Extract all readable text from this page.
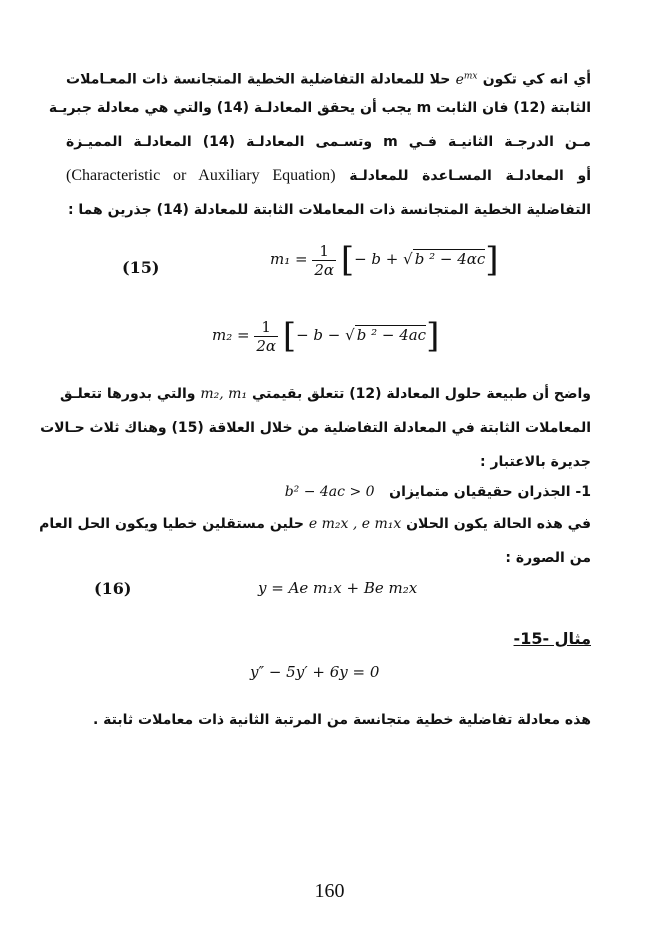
أي انه كي تكون $e^{mx}$ حلا للمعادلة التفاضلية الخطية المتجانسة ذات المعـاملات
الثابتة (12) فان الثابت m يجب أن يحقق المعادلـة (14) والتي هي معادلة جبريـة
مـن الدرجـة الثانيـة فـي m وتسـمى المعادلـة (14) المعادلـة المميـزة
أو المعادلـة المسـاعدة للمعادلـة (Characteristic or Auxiliary Equation)
التفاضلية الخطية المتجانسة ذات المعاملات الثابتة للمعادلة (14) جذرين هما :
(15)	$m_1 = \frac{1}{2\alpha}$ [− b + √ b ² − 4αc]
$m_2 = \frac{1}{2\alpha}$ [− b − √ b ² − 4ac]
واضح أن طبيعة حلول المعادلة (12) تتعلق بقيمتي m₂, m₁ والتي بدورها تتعلـق
المعاملات الثابتة في المعادلة التفاضلية من خلال العلاقة (15) وهناك ثلاث حـالات
جديرة بالاعتبار :
1- الجذران حقيقيان متمايزان   b² − 4ac > 0
في هذه الحالة يكون الحلان e m₂x , e m₁x حلين مستقلين خطيا ويكون الحل العام
من الصورة :
(16)	y = Ae m₁x + Be m₂x
مثال -15-
y″ − 5y′ + 6y = 0
هذه معادلة تفاضلية خطية متجانسة من المرتبة الثانية ذات معاملات ثابتة .
160
